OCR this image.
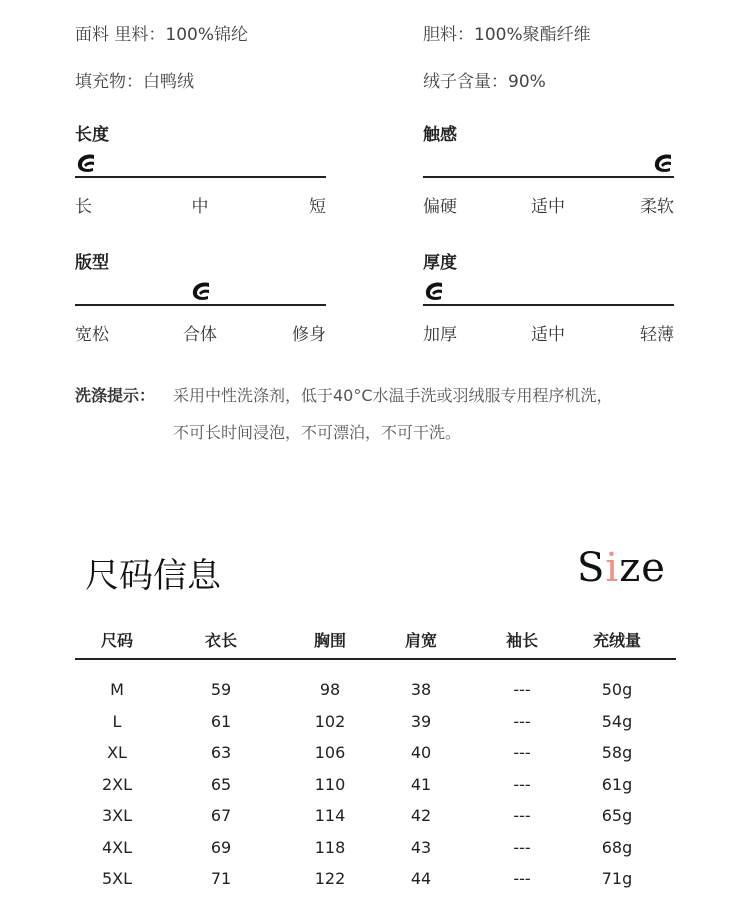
面料 里料：100%锦纶	胆料：100%聚酯纤维
填充物：白鸭绒	绒子含量：90%
洗涤提示： 采用中性洗涤剂，低于40°C水温手洗或羽绒服专用程序机洗，
不可长时间浸泡，不可漂泊，不可干洗。
尺码信息	Size
尺码	衣长	胸围	肩宽	袖长	充绒量
M	59	98	38	---	50g
L	61	102	39	---	54g
XL	63	106	40	---	58g
2XL	65	110	41	---	61g
3XL	67	114	42	---	65g
4XL	69	118	43	---	68g
5XL	71	122	44	---	71g
长度
长	中	短
触感
偏硬	适中	柔软
版型
宽松	合体	修身
厚度
加厚	适中	轻薄
